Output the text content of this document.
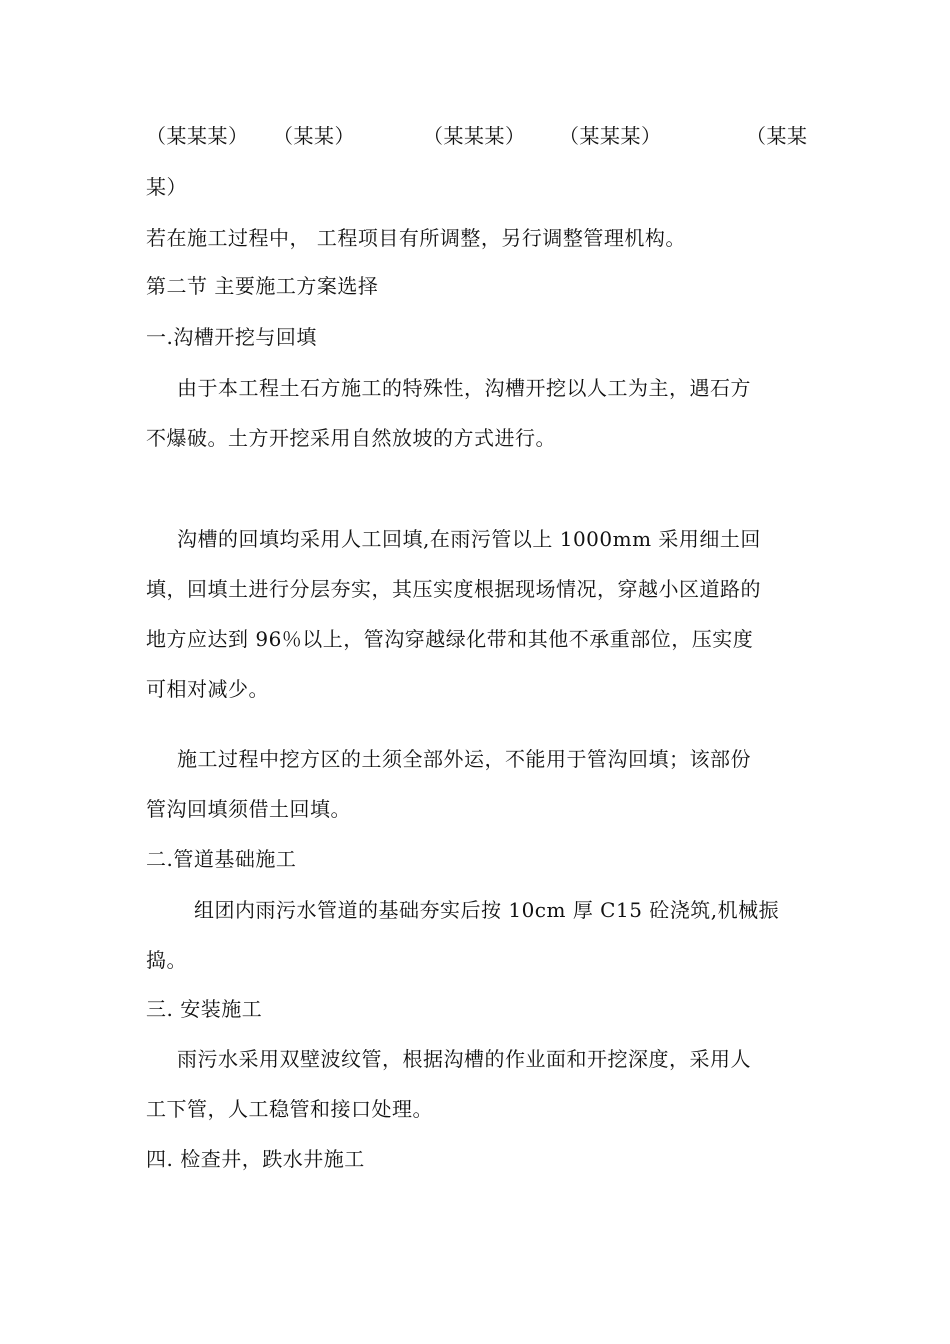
（某某某） （某某）	（某某某） （某某某）	（某某
某）
若在施工过程中， 工程项目有所调整，另行调整管理机构。
第二节 主要施工方案选择
一.沟槽开挖与回填
由于本工程土石方施工的特殊性，沟槽开挖以人工为主，遇石方
不爆破。土方开挖采用自然放坡的方式进行。
沟槽的回填均采用人工回填,在雨污管以上 1000mm 采用细土回
填，回填土进行分层夯实，其压实度根据现场情况，穿越小区道路的
地方应达到 96％以上，管沟穿越绿化带和其他不承重部位，压实度
可相对减少。
施工过程中挖方区的土须全部外运，不能用于管沟回填；该部份
管沟回填须借土回填。
二.管道基础施工
组团内雨污水管道的基础夯实后按 10cm 厚 C15 砼浇筑,机械振
捣。
三. 安装施工
雨污水采用双壁波纹管，根据沟槽的作业面和开挖深度，采用人
工下管，人工稳管和接口处理。
四. 检查井，跌水井施工
